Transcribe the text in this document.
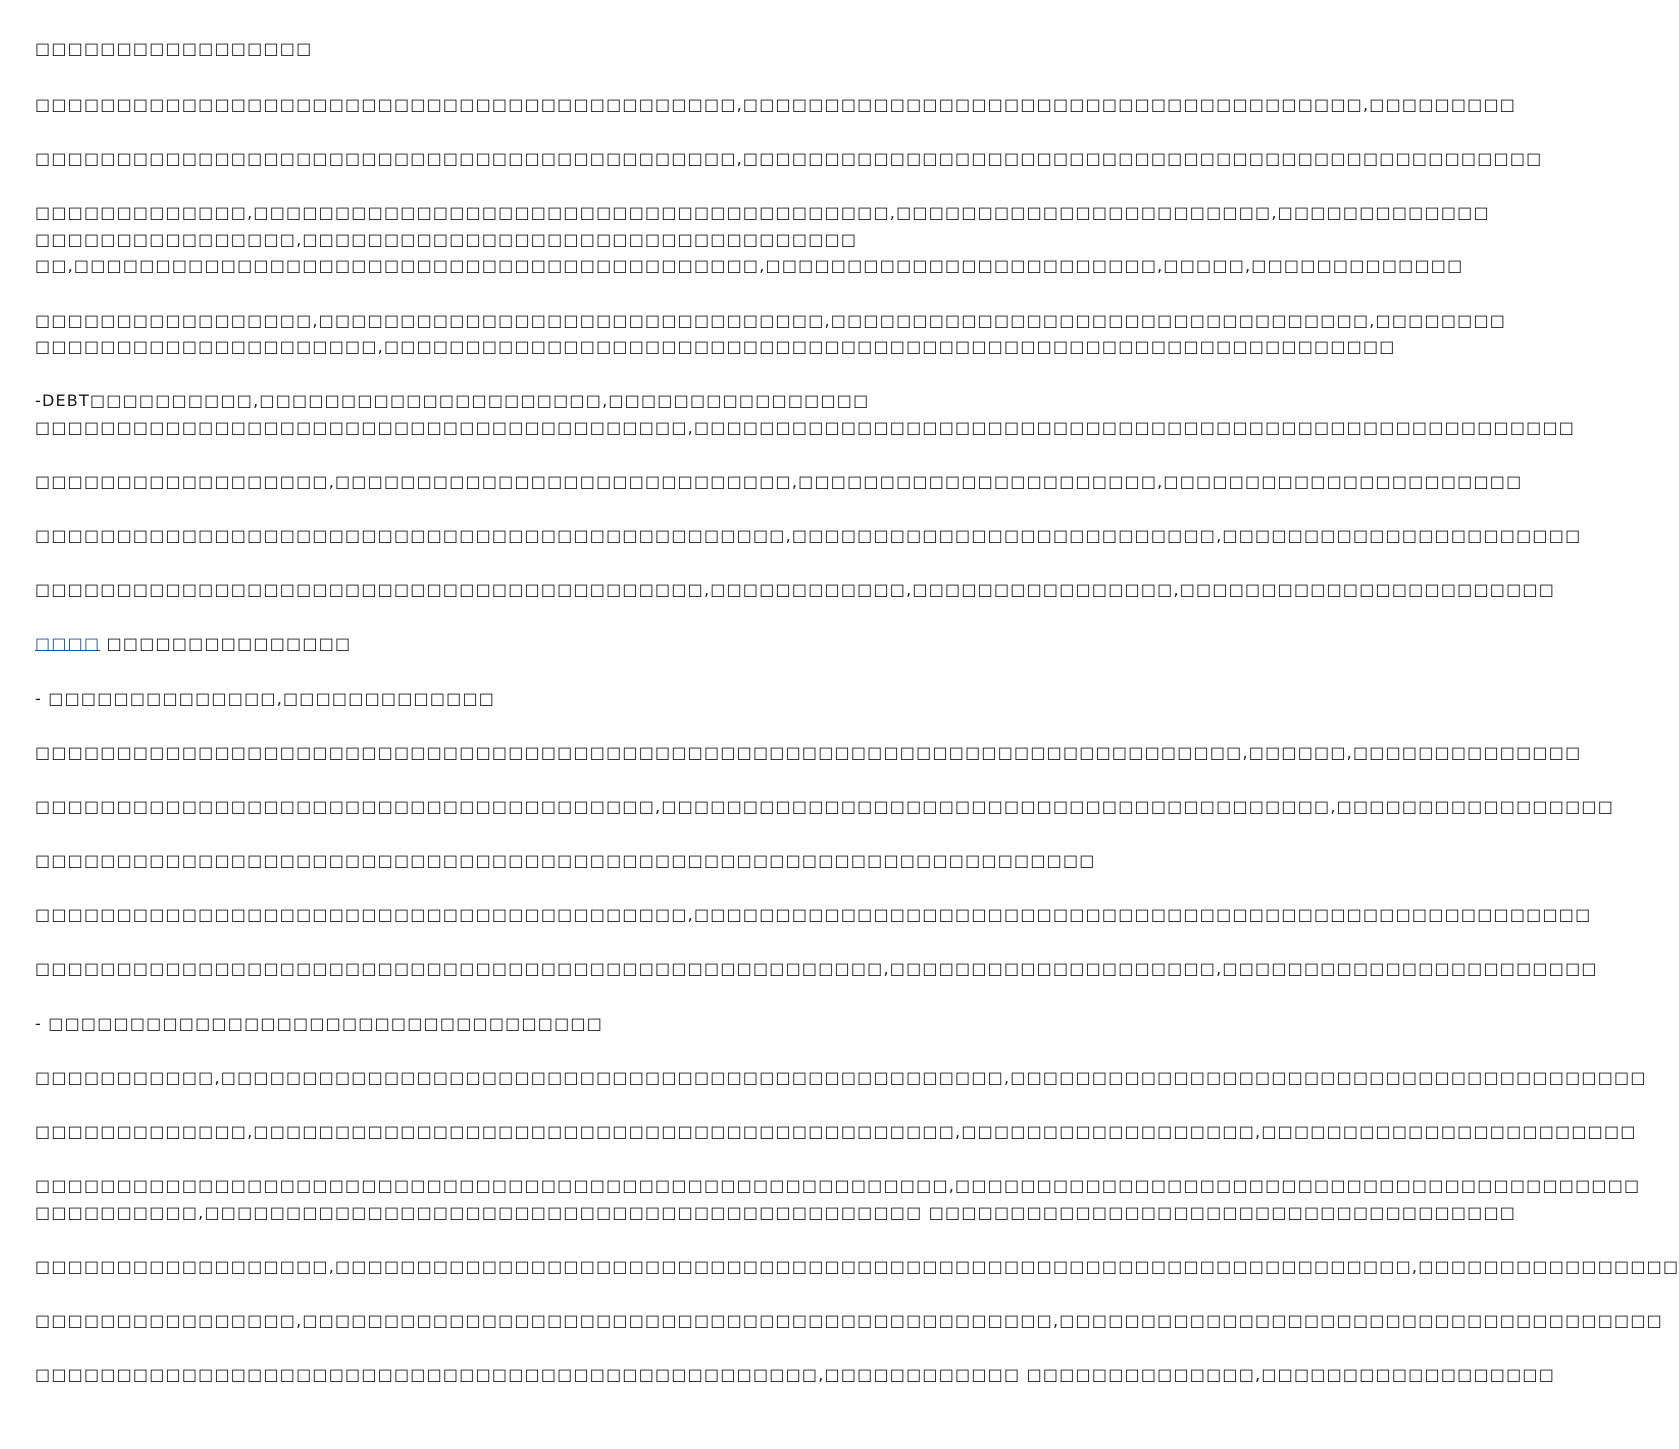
□□□□□□□□□□□□□□□□□
□□□□□□□□□□□□□□□□□□□□□□□□□□□□□□□□□□□□□□□□□□□,□□□□□□□□□□□□□□□□□□□□□□□□□□□□□□□□□□□□□□,□□□□□□□□□
□□□□□□□□□□□□□□□□□□□□□□□□□□□□□□□□□□□□□□□□□□□,□□□□□□□□□□□□□□□□□□□□□□□□□□□□□□□□□□□□□□□□□□□□□□□□□
□□□□□□□□□□□□□,□□□□□□□□□□□□□□□□□□□□□□□□□□□□□□□□□□□□□□□,□□□□□□□□□□□□□□□□□□□□□□□,□□□□□□□□□□□□□
□□□□□□□□□□□□□□□□,□□□□□□□□□□□□□□□□□□□□□□□□□□□□□□□□□□
□□,□□□□□□□□□□□□□□□□□□□□□□□□□□□□□□□□□□□□□□□□□□,□□□□□□□□□□□□□□□□□□□□□□□□,□□□□□,□□□□□□□□□□□□□
□□□□□□□□□□□□□□□□□,□□□□□□□□□□□□□□□□□□□□□□□□□□□□□□□,□□□□□□□□□□□□□□□□□□□□□□□□□□□□□□□□□,□□□□□□□□
□□□□□□□□□□□□□□□□□□□□□,□□□□□□□□□□□□□□□□□□□□□□□□□□□□□□□□□□□□□□□□□□□□□□□□□□□□□□□□□□□□□□
-DEBT□□□□□□□□□□,□□□□□□□□□□□□□□□□□□□□□,□□□□□□□□□□□□□□□□
□□□□□□□□□□□□□□□□□□□□□□□□□□□□□□□□□□□□□□□□,□□□□□□□□□□□□□□□□□□□□□□□□□□□□□□□□□□□□□□□□□□□□□□□□□□□□□□
□□□□□□□□□□□□□□□□□□,□□□□□□□□□□□□□□□□□□□□□□□□□□□□,□□□□□□□□□□□□□□□□□□□□□□,□□□□□□□□□□□□□□□□□□□□□□
□□□□□□□□□□□□□□□□□□□□□□□□□□□□□□□□□□□□□□□□□□□□□□,□□□□□□□□□□□□□□□□□□□□□□□□□□,□□□□□□□□□□□□□□□□□□□□□□
□□□□□□□□□□□□□□□□□□□□□□□□□□□□□□□□□□□□□□□□□,□□□□□□□□□□□□,□□□□□□□□□□□□□□□□,□□□□□□□□□□□□□□□□□□□□□□□
□□□□ □□□□□□□□□□□□□□□
- □□□□□□□□□□□□□□,□□□□□□□□□□□□□
□□□□□□□□□□□□□□□□□□□□□□□□□□□□□□□□□□□□□□□□□□□□□□□□□□□□□□□□□□□□□□□□□□□□□□□□□□,□□□□□□,□□□□□□□□□□□□□□
□□□□□□□□□□□□□□□□□□□□□□□□□□□□□□□□□□□□□□,□□□□□□□□□□□□□□□□□□□□□□□□□□□□□□□□□□□□□□□□□,□□□□□□□□□□□□□□□□□
□□□□□□□□□□□□□□□□□□□□□□□□□□□□□□□□□□□□□□□□□□□□□□□□□□□□□□□□□□□□□□□□□
□□□□□□□□□□□□□□□□□□□□□□□□□□□□□□□□□□□□□□□□,□□□□□□□□□□□□□□□□□□□□□□□□□□□□□□□□□□□□□□□□□□□□□□□□□□□□□□□
□□□□□□□□□□□□□□□□□□□□□□□□□□□□□□□□□□□□□□□□□□□□□□□□□□□□,□□□□□□□□□□□□□□□□□□□□,□□□□□□□□□□□□□□□□□□□□□□□
- □□□□□□□□□□□□□□□□□□□□□□□□□□□□□□□□□□
□□□□□□□□□□□,□□□□□□□□□□□□□□□□□□□□□□□□□□□□□□□□□□□□□□□□□□□□□□□□,□□□□□□□□□□□□□□□□□□□□□□□□□□□□□□□□□□□□□□□
□□□□□□□□□□□□□,□□□□□□□□□□□□□□□□□□□□□□□□□□□□□□□□□□□□□□□□□□□,□□□□□□□□□□□□□□□□□□,□□□□□□□□□□□□□□□□□□□□□□□
□□□□□□□□□□□□□□□□□□□□□□□□□□□□□□□□□□□□□□□□□□□□□□□□□□□□□□□□,□□□□□□□□□□□□□□□□□□□□□□□□□□□□□□□□□□□□□□□□□□
□□□□□□□□□□,□□□□□□□□□□□□□□□□□□□□□□□□□□□□□□□□□□□□□□□□□□□□ □□□□□□□□□□□□□□□□□□□□□□□□□□□□□□□□□□□□
□□□□□□□□□□□□□□□□□□,□□□□□□□□□□□□□□□□□□□□□□□□□□□□□□□□□□□□□□□□□□□□□□□□□□□□□□□□□□□□□□□□□□,□□□□□□□□□□□□□□□□
□□□□□□□□□□□□□□□□,□□□□□□□□□□□□□□□□□□□□□□□□□□□□□□□□□□□□□□□□□□□□□□,□□□□□□□□□□□□□□□□□□□□□□□□□□□□□□□□□□□□□
□□□□□□□□□□□□□□□□□□□□□□□□□□□□□□□□□□□□□□□□□□□□□□□□,□□□□□□□□□□□□ □□□□□□□□□□□□□□,□□□□□□□□□□□□□□□□□□
